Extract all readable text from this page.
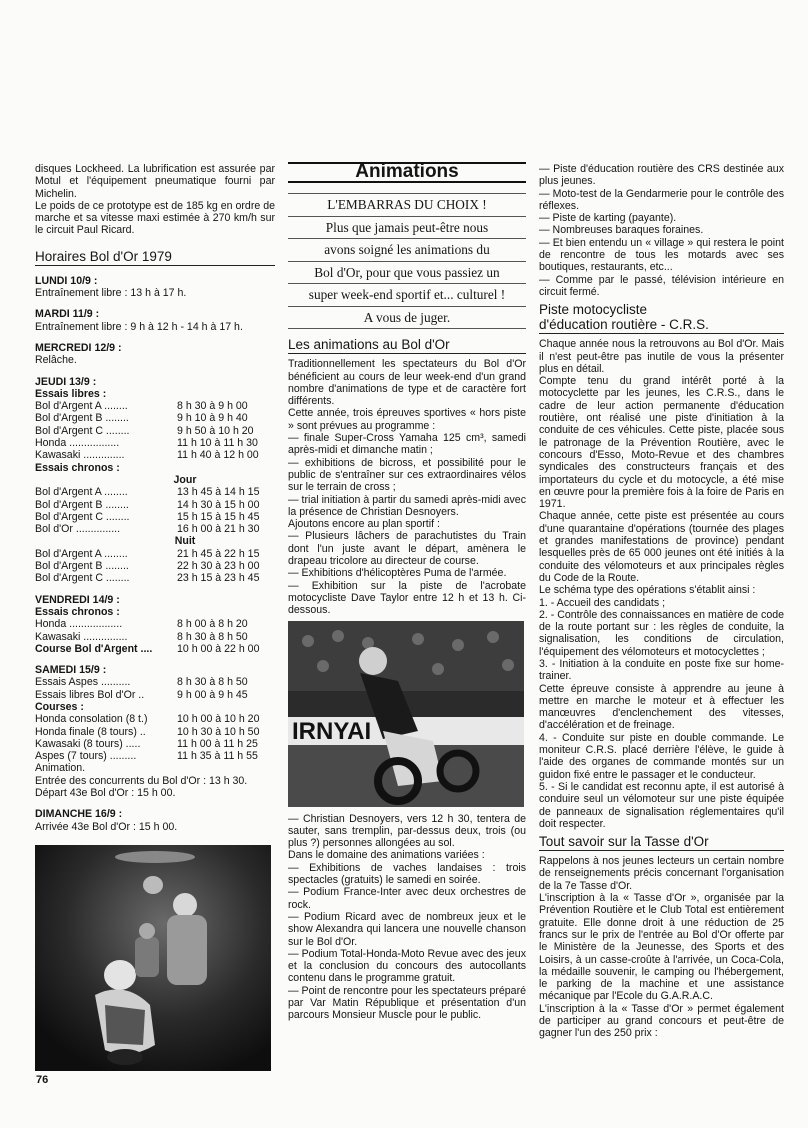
disques Lockheed. La lubrification est assurée par Motul et l'équipement pneumatique fourni par Michelin.

Le poids de ce prototype est de 185 kg en ordre de marche et sa vitesse maxi estimée à 270 km/h sur le circuit Paul Ricard.

Horaires Bol d'Or 1979
LUNDI 10/9 :

Entraînement libre : 13 h à 17 h.

MARDI 11/9 :

Entraînement libre : 9 h à 12 h - 14 h à 17 h.

MERCREDI 12/9 :

Relâche.

JEUDI 13/9 :
Essais libres :
Bol d'Argent A ........	8 h 30 à 9 h 00
Bol d'Argent B ........	9 h 10 à 9 h 40
Bol d'Argent C ........	9 h 50 à 10 h 20
Honda .................	11 h 10 à 11 h 30
Kawasaki ..............	11 h 40 à 12 h 00
Essais chronos :
Jour
Bol d'Argent A ........	13 h 45 à 14 h 15
Bol d'Argent B ........	14 h 30 à 15 h 00
Bol d'Argent C ........	15 h 15 à 15 h 45
Bol d'Or ...............	16 h 00 à 21 h 30
Nuit
Bol d'Argent A ........	21 h 45 à 22 h 15
Bol d'Argent B ........	22 h 30 à 23 h 00
Bol d'Argent C ........	23 h 15 à 23 h 45
VENDREDI 14/9 :
Essais chronos :
Honda ..................	8 h 00 à 8 h 20
Kawasaki ...............	8 h 30 à 8 h 50
Course Bol d'Argent ....	10 h 00 à 22 h 00
SAMEDI 15/9 :
Essais Aspes ..........	8 h 30 à 8 h 50
Essais libres Bol d'Or ..	9 h 00 à 9 h 45
Courses :
Honda consolation (8 t.)	10 h 00 à 10 h 20
Honda finale (8 tours) ..	10 h 30 à 10 h 50
Kawasaki (8 tours) .....	11 h 00 à 11 h 25
Aspes (7 tours) .........	11 h 35 à 11 h 55

Animation.

Entrée des concurrents du Bol d'Or : 13 h 30.

Départ 43e Bol d'Or : 15 h 00.

DIMANCHE 16/9 :

Arrivée 43e Bol d'Or : 15 h 00.

Animations
L'EMBARRAS DU CHOIX !
Plus que jamais peut-être nous
avons soigné les animations du
Bol d'Or, pour que vous passiez un
super week-end sportif et... culturel !
A vous de juger.
Les animations au Bol d'Or

Traditionnellement les spectateurs du Bol d'Or bénéficient au cours de leur week-end d'un grand nombre d'animations de type et de caractère fort différents.

Cette année, trois épreuves sportives « hors piste » sont prévues au programme :

— finale Super-Cross Yamaha 125 cm³, samedi après-midi et dimanche matin ;

— exhibitions de bicross, et possibilité pour le public de s'entraîner sur ces extraordinaires vélos sur le terrain de cross ;

— trial initiation à partir du samedi après-midi avec la présence de Christian Desnoyers.

Ajoutons encore au plan sportif :

— Plusieurs lâchers de parachutistes du Train dont l'un juste avant le départ, amènera le drapeau tricolore au directeur de course.

— Exhibitions d'hélicoptères Puma de l'armée.

— Exhibition sur la piste de l'acrobate motocycliste Dave Taylor entre 12 h et 13 h. Ci-dessous.

IRNYAI

— Christian Desnoyers, vers 12 h 30, tentera de sauter, sans tremplin, par-dessus deux, trois (ou plus ?) personnes allongées au sol.

Dans le domaine des animations variées :

— Exhibitions de vaches landaises : trois spectacles (gratuits) le samedi en soirée.

— Podium France-Inter avec deux orchestres de rock.

— Podium Ricard avec de nombreux jeux et le show Alexandra qui lancera une nouvelle chanson sur le Bol d'Or.

— Podium Total-Honda-Moto Revue avec des jeux et la conclusion du concours des autocollants contenu dans le programme gratuit.

— Point de rencontre pour les spectateurs préparé par Var Matin République et présentation d'un parcours Monsieur Muscle pour le public.

— Piste d'éducation routière des CRS destinée aux plus jeunes.

— Moto-test de la Gendarmerie pour le contrôle des réflexes.

— Piste de karting (payante).

— Nombreuses baraques foraines.

— Et bien entendu un « village » qui restera le point de rencontre de tous les motards avec ses boutiques, restaurants, etc...

— Comme par le passé, télévision intérieure en circuit fermé.

Piste motocycliste
d'éducation routière - C.R.S.

Chaque année nous la retrouvons au Bol d'Or. Mais il n'est peut-être pas inutile de vous la présenter plus en détail.

Compte tenu du grand intérêt porté à la motocyclette par les jeunes, les C.R.S., dans le cadre de leur action permanente d'éducation routière, ont réalisé une piste d'initiation à la conduite de ces véhicules. Cette piste, placée sous le patronage de la Prévention Routière, avec le concours d'Esso, Moto-Revue et des chambres syndicales des constructeurs français et des importateurs du cycle et du motocycle, a été mise en œuvre pour la première fois à la foire de Paris en 1971.

Chaque année, cette piste est présentée au cours d'une quarantaine d'opérations (tournée des plages et grandes manifestations de province) pendant lesquelles près de 65 000 jeunes ont été initiés à la conduite des vélomoteurs et aux principales règles du Code de la Route.

Le schéma type des opérations s'établit ainsi :

1. - Accueil des candidats ;

2. - Contrôle des connaissances en matière de code de la route portant sur : les règles de conduite, la signalisation, les conditions de circulation, l'équipement des vélomoteurs et motocyclettes ;

3. - Initiation à la conduite en poste fixe sur home-trainer.

Cette épreuve consiste à apprendre au jeune à mettre en marche le moteur et à effectuer les manœuvres d'enclenchement des vitesses, d'accélération et de freinage.

4. - Conduite sur piste en double commande. Le moniteur C.R.S. placé derrière l'élève, le guide à l'aide des organes de commande montés sur un guidon fixé entre le passager et le conducteur.

5. - Si le candidat est reconnu apte, il est autorisé à conduire seul un vélomoteur sur une piste équipée de panneaux de signalisation réglementaires qu'il doit respecter.

Tout savoir sur la Tasse d'Or

Rappelons à nos jeunes lecteurs un certain nombre de renseignements précis concernant l'organisation de la 7e Tasse d'Or.

L'inscription à la « Tasse d'Or », organisée par la Prévention Routière et le Club Total est entièrement gratuite. Elle donne droit à une réduction de 25 francs sur le prix de l'entrée au Bol d'Or offerte par le Ministère de la Jeunesse, des Sports et des Loisirs, à un casse-croûte à l'arrivée, un Coca-Cola, la médaille souvenir, le camping ou l'hébergement, le parking de la machine et une assistance mécanique par l'Ecole du G.A.R.A.C.

L'inscription à la « Tasse d'Or » permet également de participer au grand concours et peut-être de gagner l'un des 250 prix :

76
